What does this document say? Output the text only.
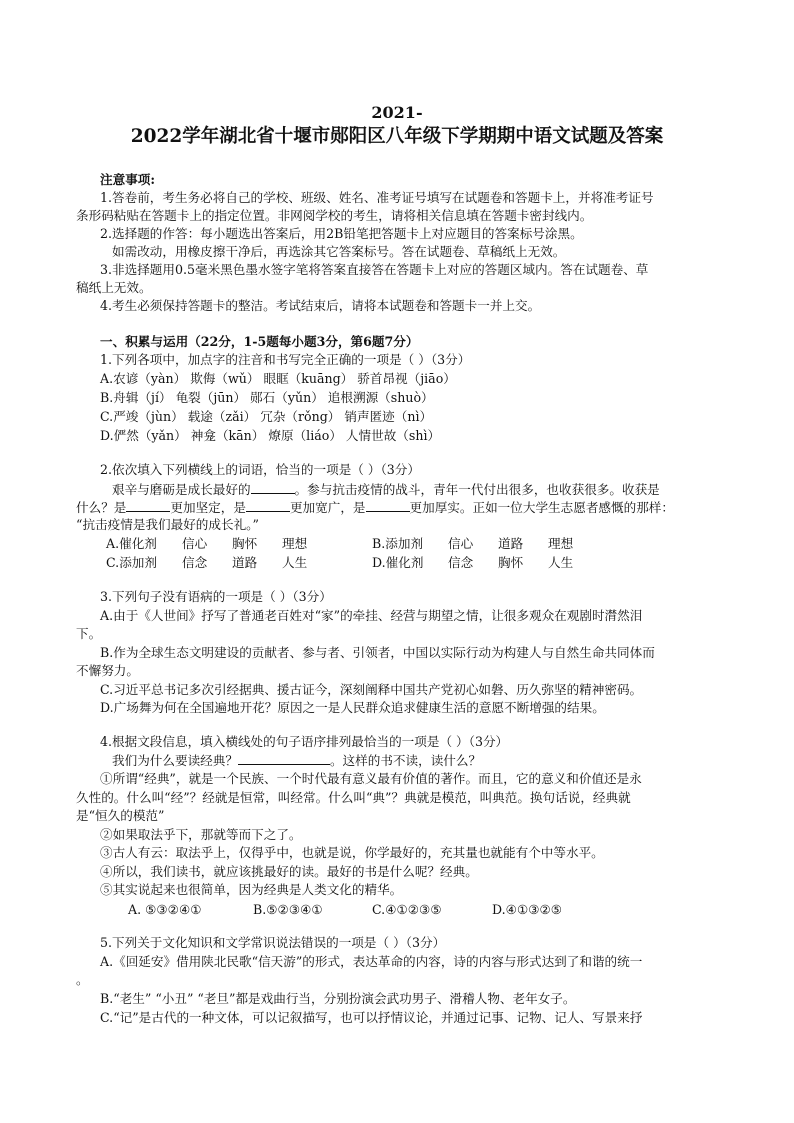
2021-
2022学年湖北省十堰市郧阳区八年级下学期期中语文试题及答案
注意事项:
1.答卷前，考生务必将自己的学校、班级、姓名、准考证号填写在试题卷和答题卡上，并将准考证号
条形码粘贴在答题卡上的指定位置。非网阅学校的考生，请将相关信息填在答题卡密封线内。
2.选择题的作答：每小题选出答案后，用2B铅笔把答题卡上对应题目的答案标号涂黑。
如需改动，用橡皮擦干净后，再选涂其它答案标号。答在试题卷、草稿纸上无效。
3.非选择题用0.5毫米黑色墨水签字笔将答案直接答在答题卡上对应的答题区域内。答在试题卷、草
稿纸上无效。
4.考生必须保持答题卡的整洁。考试结束后，请将本试题卷和答题卡一并上交。
一、积累与运用（22分，1-5题每小题3分，第6题7分）
1.下列各项中，加点字的注音和书写完全正确的一项是（ ）（3分）
A.农谚（yàn） 欺侮（wǔ） 眼眶（kuāng） 骄首昂视（jiāo）
B.舟辑（jí） 龟裂（jūn） 郧石（yǔn） 追根溯源（shuò）
C.严竣（jùn） 载途（zǎi） 冗杂（rǒng） 销声匿迹（nì）
D.俨然（yǎn） 神龛（kān） 燎原（liáo） 人情世故（shì）
2.依次填入下列横线上的词语，恰当的一项是（ ）（3分）
艰辛与磨砺是成长最好的	。参与抗击疫情的战斗，青年一代付出很多，也收获很多。收获是
什么？是	更加坚定，是	更加宽广，是	更加厚实。正如一位大学生志愿者感慨的那样：
“抗击疫情是我们最好的成长礼。”
A.催化剂 信心 胸怀 理想	B.添加剂 信心 道路 理想
C.添加剂 信念 道路 人生	D.催化剂 信念 胸怀 人生
3.下列句子没有语病的一项是（ ）（3分）
A.由于《人世间》抒写了普通老百姓对“家”的牵挂、经营与期望之情，让很多观众在观剧时潸然泪
下。
B.作为全球生态文明建设的贡献者、参与者、引领者，中国以实际行动为构建人与自然生命共同体而
不懈努力。
C.习近平总书记多次引经据典、援古证今，深刻阐释中国共产党初心如磐、历久弥坚的精神密码。
D.广场舞为何在全国遍地开花？原因之一是人民群众追求健康生活的意愿不断增强的结果。
4.根据文段信息，填入横线处的句子语序排列最恰当的一项是（ ）（3分）
我们为什么要读经典？	。这样的书不读，读什么？
①所谓“经典”，就是一个民族、一个时代最有意义最有价值的著作。而且，它的意义和价值还是永
久性的。什么叫“经”？经就是恒常，叫经常。什么叫“典”？典就是模范，叫典范。换句话说，经典就
是“恒久的模范”
②如果取法乎下，那就等而下之了。
③古人有云：取法乎上，仅得乎中，也就是说，你学最好的，充其量也就能有个中等水平。
④所以，我们读书，就应该挑最好的读。最好的书是什么呢？经典。
⑤其实说起来也很简单，因为经典是人类文化的精华。
A. ⑤③②④①	B.⑤②③④①	C.④①②③⑤	D.④①③②⑤
5.下列关于文化知识和文学常识说法错误的一项是（ ）（3分）
A.《回延安》借用陕北民歌“信天游”的形式，表达革命的内容，诗的内容与形式达到了和谐的统一
。
B.“老生” “小丑” “老旦”都是戏曲行当，分别扮演会武功男子、滑稽人物、老年女子。
C.“记”是古代的一种文体，可以记叙描写，也可以抒情议论，并通过记事、记物、记人、写景来抒
